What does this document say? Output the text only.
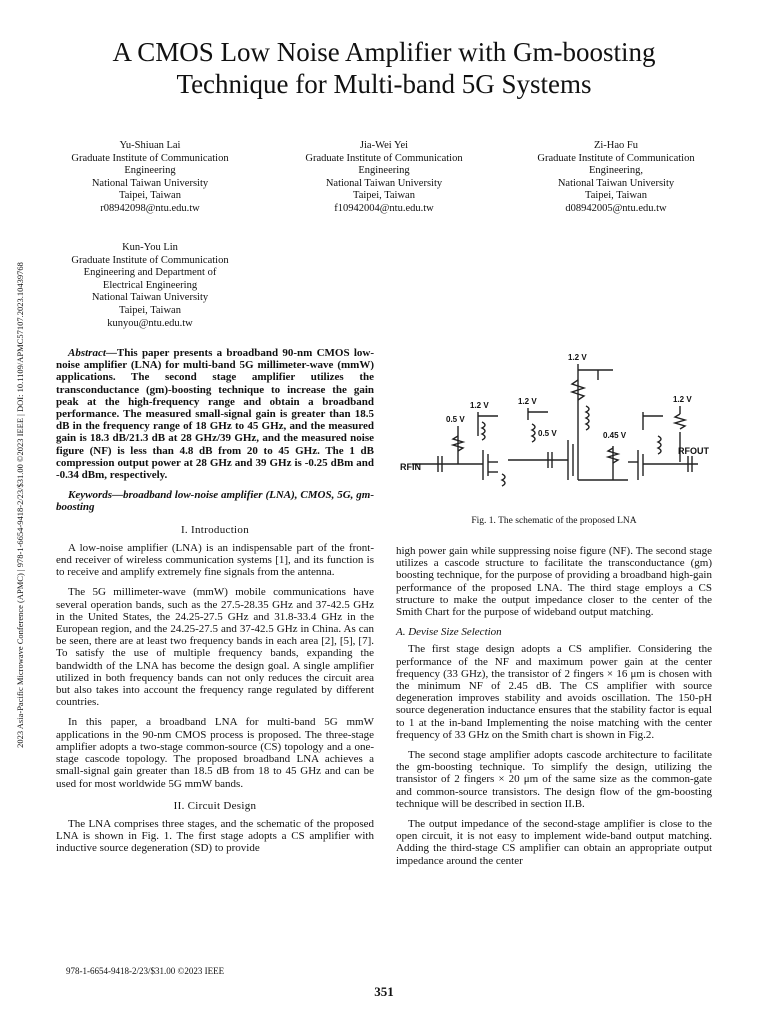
A CMOS Low Noise Amplifier with Gm-boosting
Technique for Multi-band 5G Systems
Yu-Shiuan Lai
Graduate Institute of Communication
Engineering
National Taiwan University
Taipei, Taiwan
r08942098@ntu.edu.tw
Jia-Wei Yei
Graduate Institute of Communication
Engineering
National Taiwan University
Taipei, Taiwan
f10942004@ntu.edu.tw
Zi-Hao Fu
Graduate Institute of Communication
Engineering,
National Taiwan University
Taipei, Taiwan
d08942005@ntu.edu.tw
Kun-You Lin
Graduate Institute of Communication
Engineering and Department of
Electrical Engineering
National Taiwan University
Taipei, Taiwan
kunyou@ntu.edu.tw
2023 Asia-Pacific Microwave Conference (APMC) | 978-1-6654-9418-2/23/$31.00 ©2023 IEEE | DOI: 10.1109/APMC57107.2023.10439768	Abstract—This paper presents a broadband 90-nm CMOS low-noise amplifier (LNA) for multi-band 5G millimeter-wave (mmW) applications. The second stage amplifier utilizes the transconductance (gm)-boosting technique to increase the gain peak at the high-frequency range and obtain a broadband performance. The measured small-signal gain is greater than 18.5 dB in the frequency range of 18 GHz to 45 GHz, and the measured gain is 18.3 dB/21.3 dB at 28 GHz/39 GHz, and the measured noise figure (NF) is less than 4.8 dB from 20 to 45 GHz. The 1 dB compression output power at 28 GHz and 39 GHz is -0.25 dBm and -0.34 dBm, respectively.

Keywords—broadband low-noise amplifier (LNA), CMOS, 5G, gm-boosting

I. Introduction

A low-noise amplifier (LNA) is an indispensable part of the front-end receiver of wireless communication systems [1], and its function is to receive and amplify extremely fine signals from the antenna.

The 5G millimeter-wave (mmW) mobile communications have several operation bands, such as the 27.5-28.35 GHz and 37-42.5 GHz in the United States, the 24.25-27.5 GHz and 31.8-33.4 GHz in the European region, and the 24.25-27.5 and 37-42.5 GHz in China. As can be seen, there are at least two frequency bands in each area [2], [5], [7]. To satisfy the use of multiple frequency bands, expanding the bandwidth of the LNA has become the design goal. A single amplifier utilized in both frequency bands can not only reduces the circuit area but also takes into account the frequency range regulated by different countries.

In this paper, a broadband LNA for multi-band 5G mmW applications in the 90-nm CMOS process is proposed. The three-stage amplifier adopts a two-stage common-source (CS) topology and a one-stage cascode topology. The proposed broadband LNA achieves a small-signal gain greater than 18.5 dB from 18 to 45 GHz and can be used for most worldwide 5G mmW bands.

II. Circuit Design

The LNA comprises three stages, and the schematic of the proposed LNA is shown in Fig. 1. The first stage adopts a CS amplifier with inductive source degeneration (SD) to provide

1.2 V
1.2 V
1.2 V
1.2 V
0.5 V
0.5 V	0.45 V
RFIN
RFOUT
Fig. 1. The schematic of the proposed LNA

high power gain while suppressing noise figure (NF). The second stage utilizes a cascode structure to facilitate the transconductance (gm) boosting technique, for the purpose of providing a broadband high-gain performance of the proposed LNA. The third stage employs a CS structure to make the output impedance closer to the center of the Smith Chart for the purpose of wideband output matching.

A. Devise Size Selection

The first stage design adopts a CS amplifier. Considering the performance of the NF and maximum power gain at the center frequency (33 GHz), the transistor of 2 fingers × 16 μm is chosen with the minimum NF of 2.45 dB. The CS amplifier with source degeneration improves stability and avoids oscillation. The 150-pH source degeneration inductance ensures that the stability factor is equal to 1 at the in-band Implementing the noise matching with the center frequency of 33 GHz on the Smith chart is shown in Fig.2.

The second stage amplifier adopts cascode architecture to facilitate the gm-boosting technique. To simplify the design, utilizing the transistor of 2 fingers × 20 μm of the same size as the common-gate and common-source transistors. The design flow of the gm-boosting technique will be described in section II.B.

The output impedance of the second-stage amplifier is close to the open circuit, it is not easy to implement wide-band output matching. Adding the third-stage CS amplifier can obtain an appropriate output impedance around the center

978-1-6654-9418-2/23/$31.00 ©2023 IEEE
351
